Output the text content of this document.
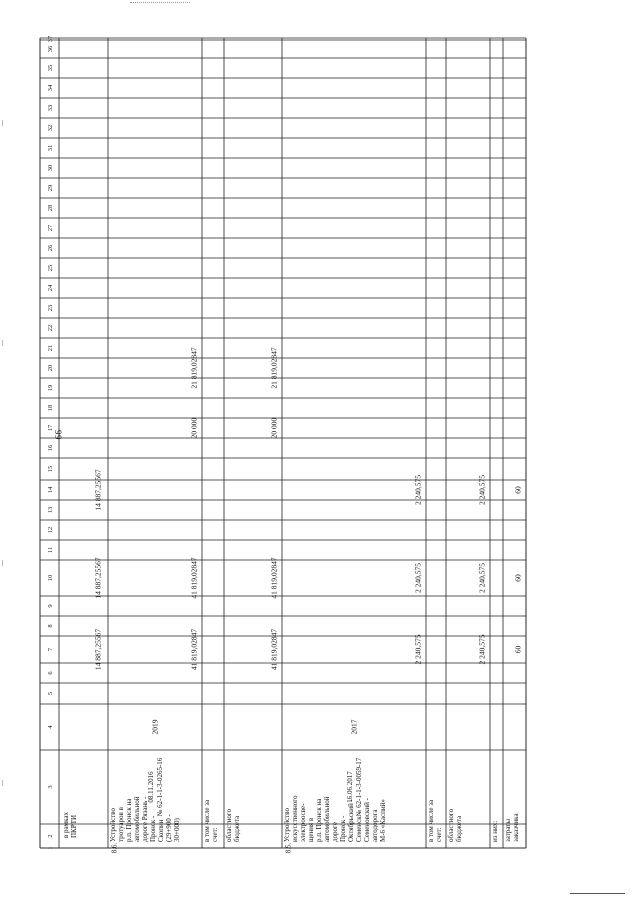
99
1
2
3
4
5
6
7
8
9
10
11
12
13
14
15
16
17
18
19
20
21
22
23
24
25
26
27
28
29
30
31
32
33
34
35
36
37
в рамках ПКРТИ
14 887,25567
14 887,25567
14 887,25567
8.6.
Устройство тротуаров в р.п. Пронск на автомобильной дороге Рязань - Пронск - Скопин (29+900 - 30+000)
08.11.2016 № 62-1-1-3-0265-16
2019
41 819,02847
41 819,02847
20 000
21 819,02847
в том числе за счет: областного бюджета
41 819,02847
41 819,02847
20 000
21 819,02847
8.5.
Устройство искусственного электроосве- щения в р.п. Пронск на автомобильной дороге Пронск - Октябрьский - Семенск - Семеновский - автодорога М-6 «Каспий»
16.06.2017 № 62-1-1-3-0059-17
2017
2 240,575
2 240,575
2 240,575
в том числе за счет: областного бюджета
2 240,575
2 240,575
2 240,575
из них: затраты заказчика
60
60
60
